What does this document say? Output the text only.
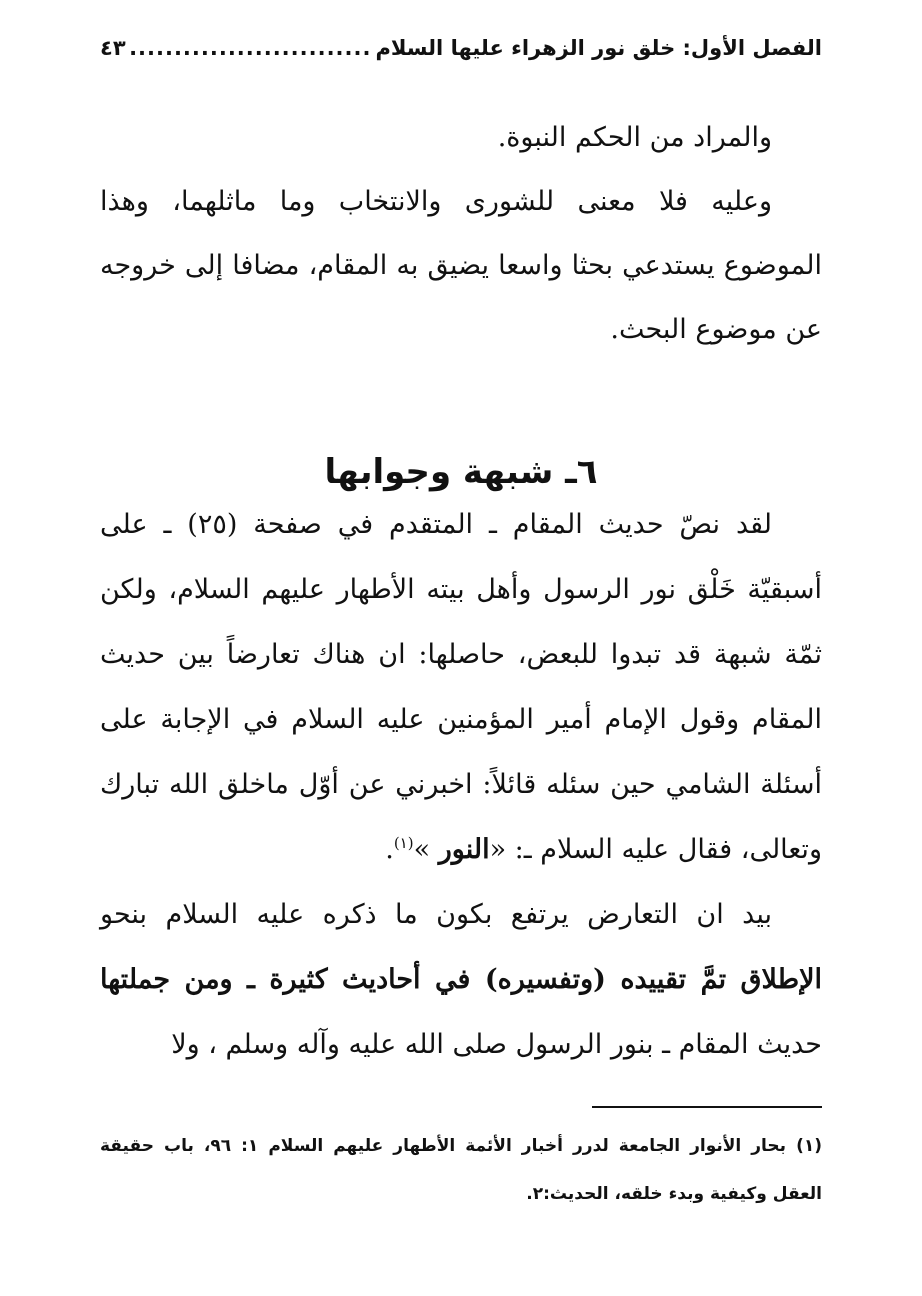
الفصل الأول: خلق نور الزهراء عليها السلام
.....
٤٣

والمراد من الحكم النبوة.

وعليه فلا معنى للشورى والانتخاب وما ماثلهما، وهذا الموضوع يستدعي بحثا واسعا يضيق به المقام، مضافا إلى خروجه عن موضوع البحث.

٦ـ شبهة وجوابها

لقد نصّ حديث المقام ـ المتقدم في صفحة (٢٥) ـ على أسبقيّة خَلْق نور الرسول وأهل بيته الأطهار عليهم السلام، ولكن ثمّة شبهة قد تبدوا للبعض، حاصلها: ان هناك تعارضاً بين حديث المقام وقول الإمام أمير المؤمنين عليه السلام في الإجابة على أسئلة الشامي حين سئله قائلاً: اخبرني عن أوّل ماخلق الله تبارك وتعالى، فقال عليه السلام ـ: «النور »$^{(١)}$.

بيد ان التعارض يرتفع بكون ما ذكره عليه السلام بنحو الإطلاق تمَّ تقييده (وتفسيره) في أحاديث كثيرة ـ ومن جملتها حديث المقام ـ بنور الرسول صلى الله عليه وآله وسلم ، ولا

(١) بحار الأنوار الجامعة لدرر أخبار الأئمة الأطهار عليهم السلام ١: ٩٦، باب حقيقة العقل وكيفية وبدء خلقه، الحديث:٢.
